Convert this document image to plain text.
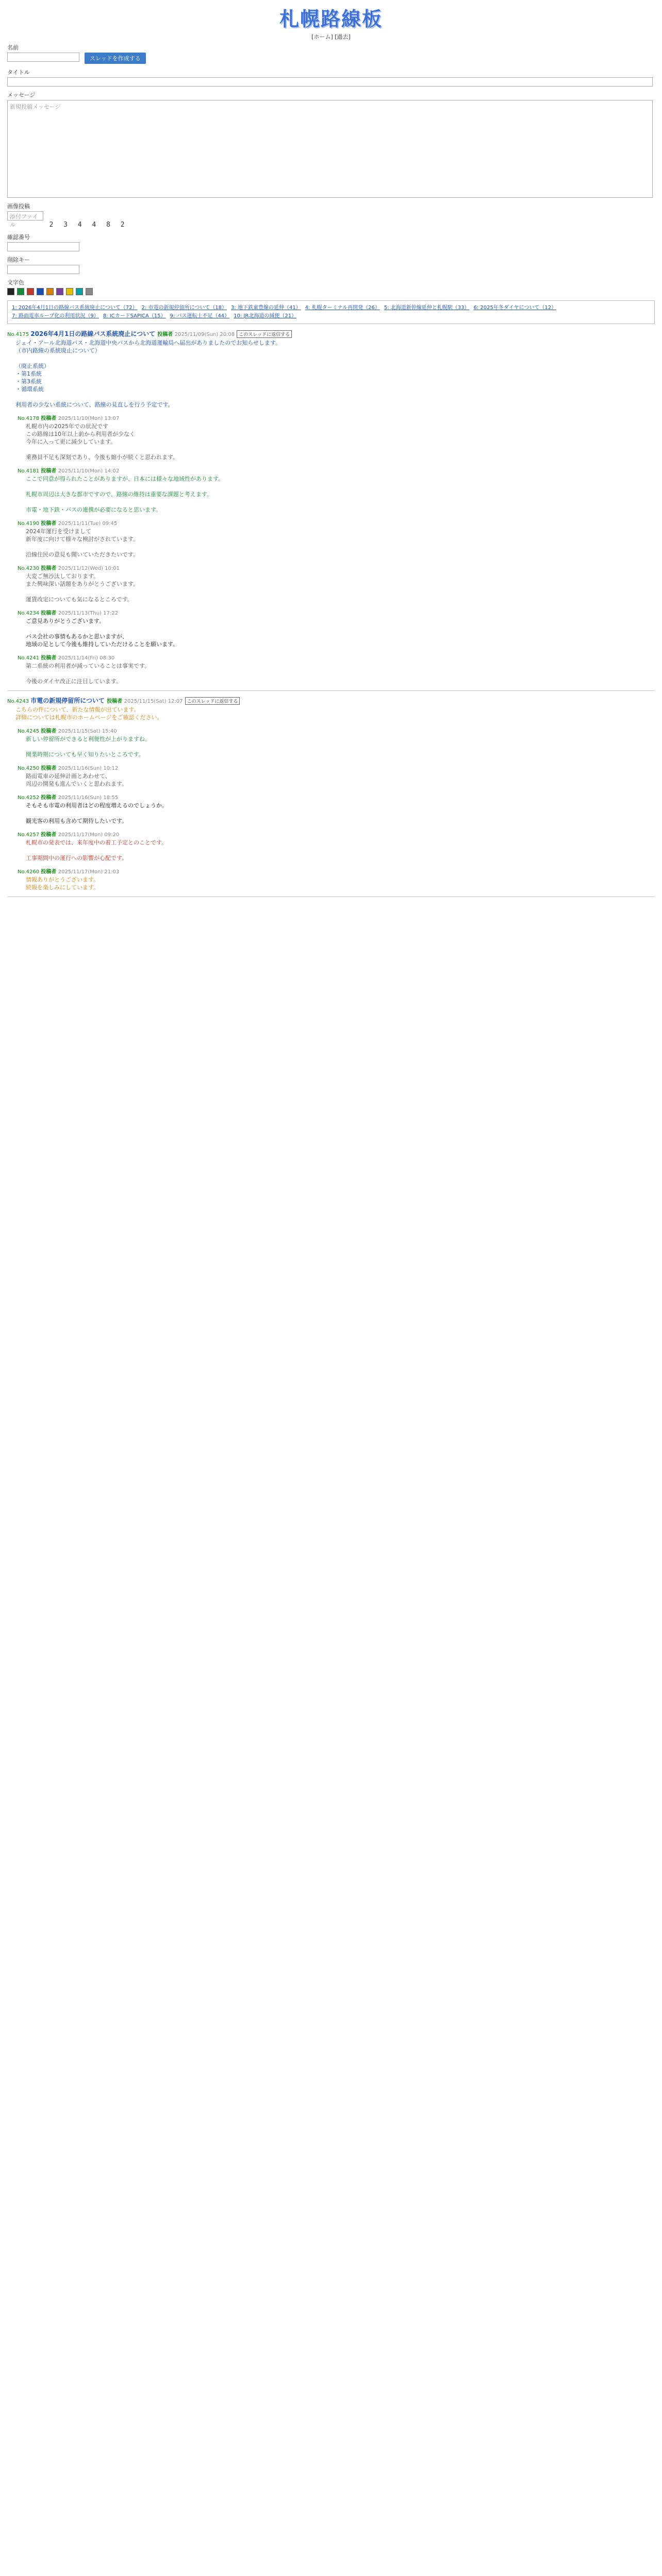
札幌路線板
[ホーム] [過去]
名前
スレッドを作成する
タイトル
メッセージ
新規投稿メッセージ
画像投稿
添付ファイル	2 3 4 4 8 2
確認番号
削除キー
文字色
1: 2026年4月1日の路線バス系統廃止について（72） 2: 市電の新規停留所について（18） 3: 地下鉄東豊線の延伸（41） 4: 札幌ターミナル再開発（26） 5: 北海道新幹線延伸と札幌駅（33） 6: 2025年冬ダイヤについて（12）7: 路面電車ループ化の利用状況（9） 8: ICカードSAPICA（15） 9: バス運転士不足（44） 10: JR北海道の減便（21）
No.4175 2026年4月1日の路線バス系統廃止について 投稿者 2025/11/09(Sun) 20:08 このスレッドに返信する
ジェイ・アール北海道バス・北海道中央バスから北海道運輸局へ届出がありましたのでお知らせします。
（市内路線の系統廃止について）

（廃止系統）
・第1系統
・第3系統
・循環系統

利用者の少ない系統について、路線の見直しを行う予定です。
No.4178 投稿者 2025/11/10(Mon) 13:07
札幌市内の2025年での状況です
この路線は10年以上前から利用者が少なく
今年に入って更に減少しています。

乗務員不足も深刻であり、今後も縮小が続くと思われます。
No.4181 投稿者 2025/11/10(Mon) 14:02
ここで同意が得られたことがありますが、日本には様々な地域性があります。

札幌市周辺は大きな都市ですので、路線の維持は重要な課題と考えます。

市電・地下鉄・バスの連携が必要になると思います。
No.4190 投稿者 2025/11/11(Tue) 09:45
2024年運行を受けまして
新年度に向けて様々な検討がされています。

沿線住民の意見も聞いていただきたいです。
No.4230 投稿者 2025/11/12(Wed) 10:01
大変ご無沙汰しております。
また興味深い話題をありがとうございます。

運賃改定についても気になるところです。
No.4234 投稿者 2025/11/13(Thu) 17:22
ご意見ありがとうございます。

バス会社の事情もあるかと思いますが、
地域の足として今後も維持していただけることを願います。
No.4241 投稿者 2025/11/14(Fri) 08:30
第二系統の利用者が減っていることは事実です。

今後のダイヤ改正に注目しています。
No.4243 市電の新規停留所について 投稿者 2025/11/15(Sat) 12:07 このスレッドに返信する
こちらの件について、新たな情報が出ています。
詳細については札幌市のホームページをご確認ください。
No.4245 投稿者 2025/11/15(Sat) 15:40
新しい停留所ができると利便性が上がりますね。

開業時期についても早く知りたいところです。
No.4250 投稿者 2025/11/16(Sun) 10:12
路面電車の延伸計画とあわせて、
周辺の開発も進んでいくと思われます。
No.4252 投稿者 2025/11/16(Sun) 18:55
そもそも市電の利用者はどの程度増えるのでしょうか。

観光客の利用も含めて期待したいです。
No.4257 投稿者 2025/11/17(Mon) 09:20
札幌市の発表では、来年度中の着工予定とのことです。

工事期間中の運行への影響が心配です。
No.4260 投稿者 2025/11/17(Mon) 21:03
情報ありがとうございます。
続報を楽しみにしています。
